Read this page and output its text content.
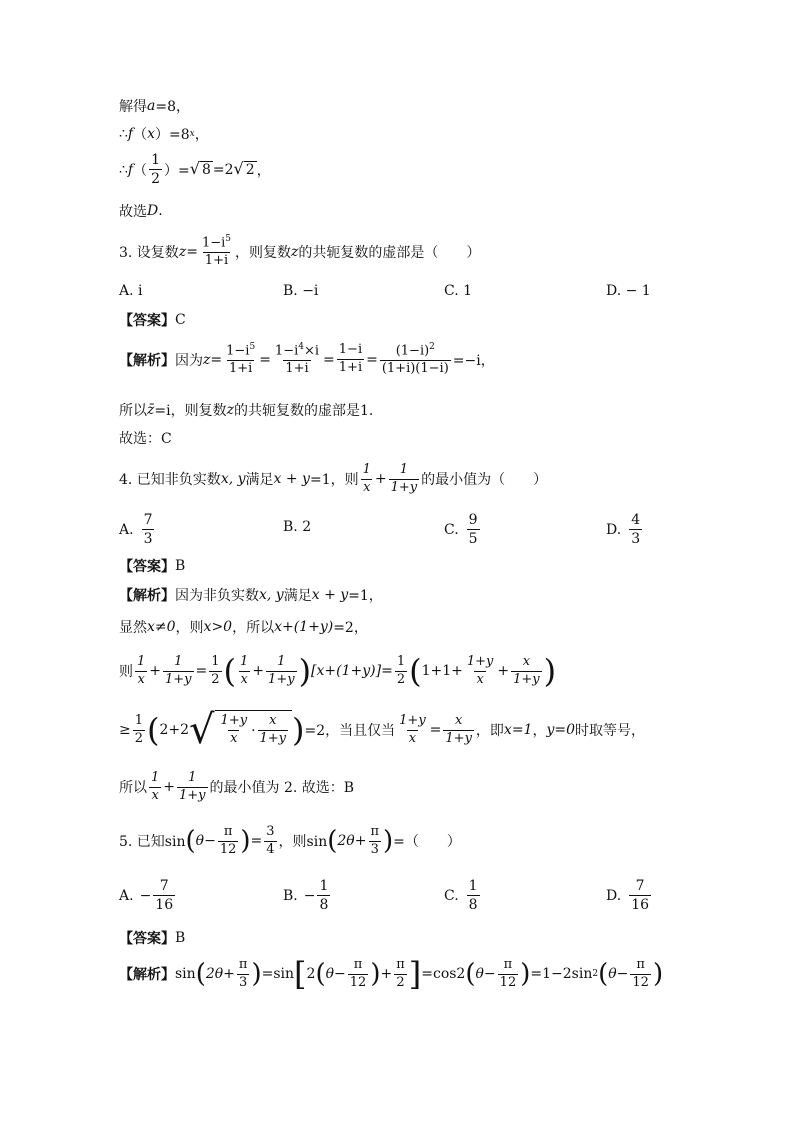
解得 a =8，
∴ f （ x ）=8 x ，
∴ f （ $\frac{1}{2}$ ）= √ 8 =2 √ 2 ，
故选 D .
3. 设复数 $z = \frac{1-i^5}{1+i}$ ，则复数 z 的共轭复数的虚部是（　　）
A. i	B. −i	C. 1	D. − 1
【答案】 C
【解析】 因为 $z = \frac{1-i^5}{1+i} = \frac{1-i^4\times i}{1+i} = \frac{1-i}{1+i} = \frac{(1-i)^2}{(1+i)(1-i)} =-i$，
所以 z̄ =i，则复数 z 的共轭复数的虚部是1.
故选：C
4. 已知非负实数 x, y 满足 x + y =1，则 $\frac{1}{x} + \frac{1}{1+y}$ 的最小值为（　　）
A. $\frac{7}{3}$	B. 2	C. $\frac{9}{5}$	D. $\frac{4}{3}$
【答案】 B
【解析】 因为非负实数 x, y 满足 x + y =1，
显然 x≠0 ，则 x>0 ，所以 x+(1+y) =2，
则 $\frac{1}{x} + \frac{1}{1+y} = \frac{1}{2}$ ( $\frac{1}{x} + \frac{1}{1+y}$ ) $[x+(1+y)] = \frac{1}{2}$ ( $1+1+ \frac{1+y}{x} + \frac{x}{1+y}$ )
≥ $\frac{1}{2}$ ( 2+2 √ $\frac{1+y}{x} \cdot \frac{x}{1+y}$ ) =2，当且仅当 $\frac{1+y}{x} = \frac{x}{1+y}$ ，即 x=1 ， y=0 时取等号，
所以 $\frac{1}{x} + \frac{1}{1+y}$ 的最小值为 2. 故选：B
5. 已知sin ( $\theta- \frac{\pi}{12}$ ) = $\frac{3}{4}$ ，则sin ( $2\theta+ \frac{\pi}{3}$ ) =（　　）
A. − $\frac{7}{16}$	B. − $\frac{1}{8}$	C. $\frac{1}{8}$	D. $\frac{7}{16}$
【答案】 B
【解析】 sin ( $2\theta+ \frac{\pi}{3}$ ) =sin [ 2 ( $\theta- \frac{\pi}{12}$ ) + $\frac{\pi}{2}$ ] =cos2 ( $\theta- \frac{\pi}{12}$ ) =1−2sin 2 ( $\theta- \frac{\pi}{12}$ )
